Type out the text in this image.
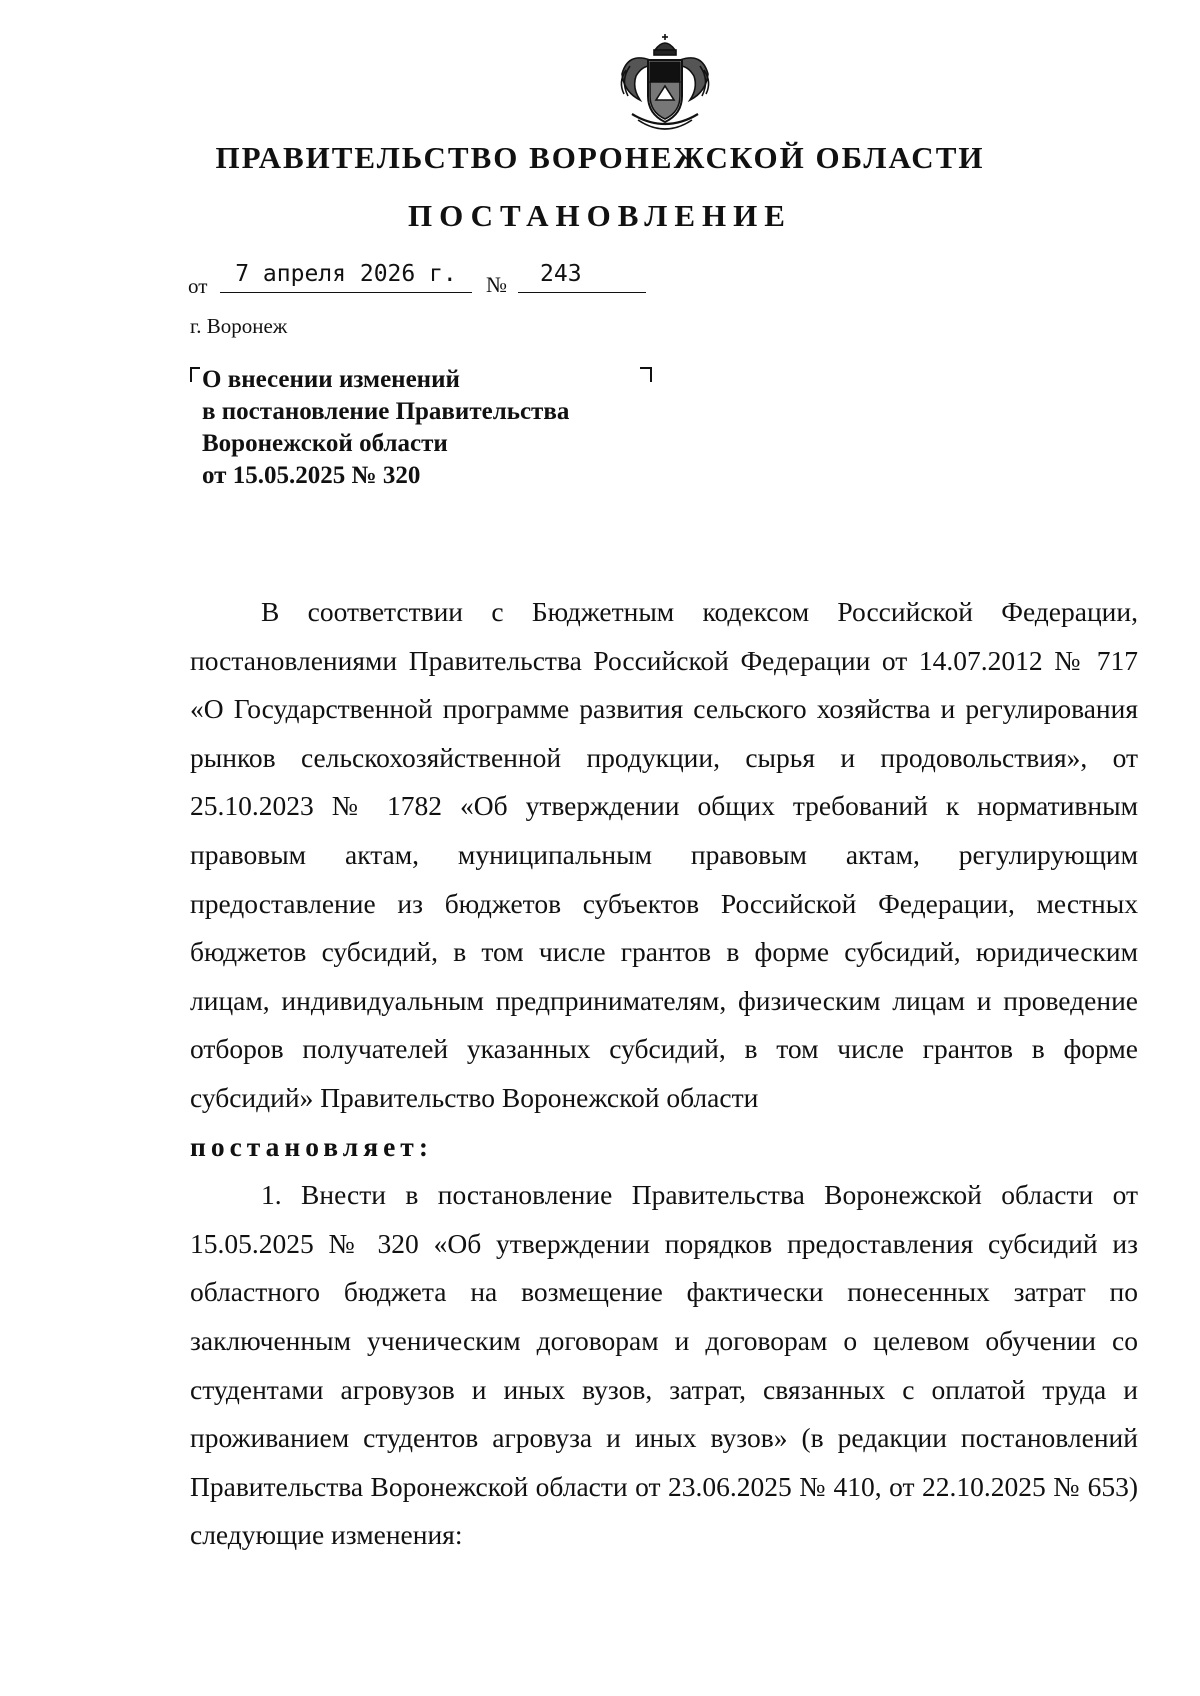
ПРАВИТЕЛЬСТВО ВОРОНЕЖСКОЙ ОБЛАСТИ
ПОСТАНОВЛЕНИЕ
от	7 апреля 2026 г.	№	243
г. Воронеж
О внесении изменений
в постановление Правительства
Воронежской области
от 15.05.2025 № 320

В соответствии с Бюджетным кодексом Российской Федерации, постановлениями Правительства Российской Федерации от 14.07.2012 № 717 «О Государственной программе развития сельского хозяйства и регулирования рынков сельскохозяйственной продукции, сырья и продовольствия», от 25.10.2023 № 1782 «Об утверждении общих требований к нормативным правовым актам, муниципальным правовым актам, регулирующим предоставление из бюджетов субъектов Российской Федерации, местных бюджетов субсидий, в том числе грантов в форме субсидий, юридическим лицам, индивидуальным предпринимателям, физическим лицам и проведение отборов получателей указанных субсидий, в том числе грантов в форме субсидий» Правительство Воронежской области

постановляет:

1. Внести в постановление Правительства Воронежской области от 15.05.2025 № 320 «Об утверждении порядков предоставления субсидий из областного бюджета на возмещение фактически понесенных затрат по заключенным ученическим договорам и договорам о целевом обучении со студентами агровузов и иных вузов, затрат, связанных с оплатой труда и проживанием студентов агровуза и иных вузов» (в редакции постановлений Правительства Воронежской области от 23.06.2025 № 410, от 22.10.2025 № 653) следующие изменения:
